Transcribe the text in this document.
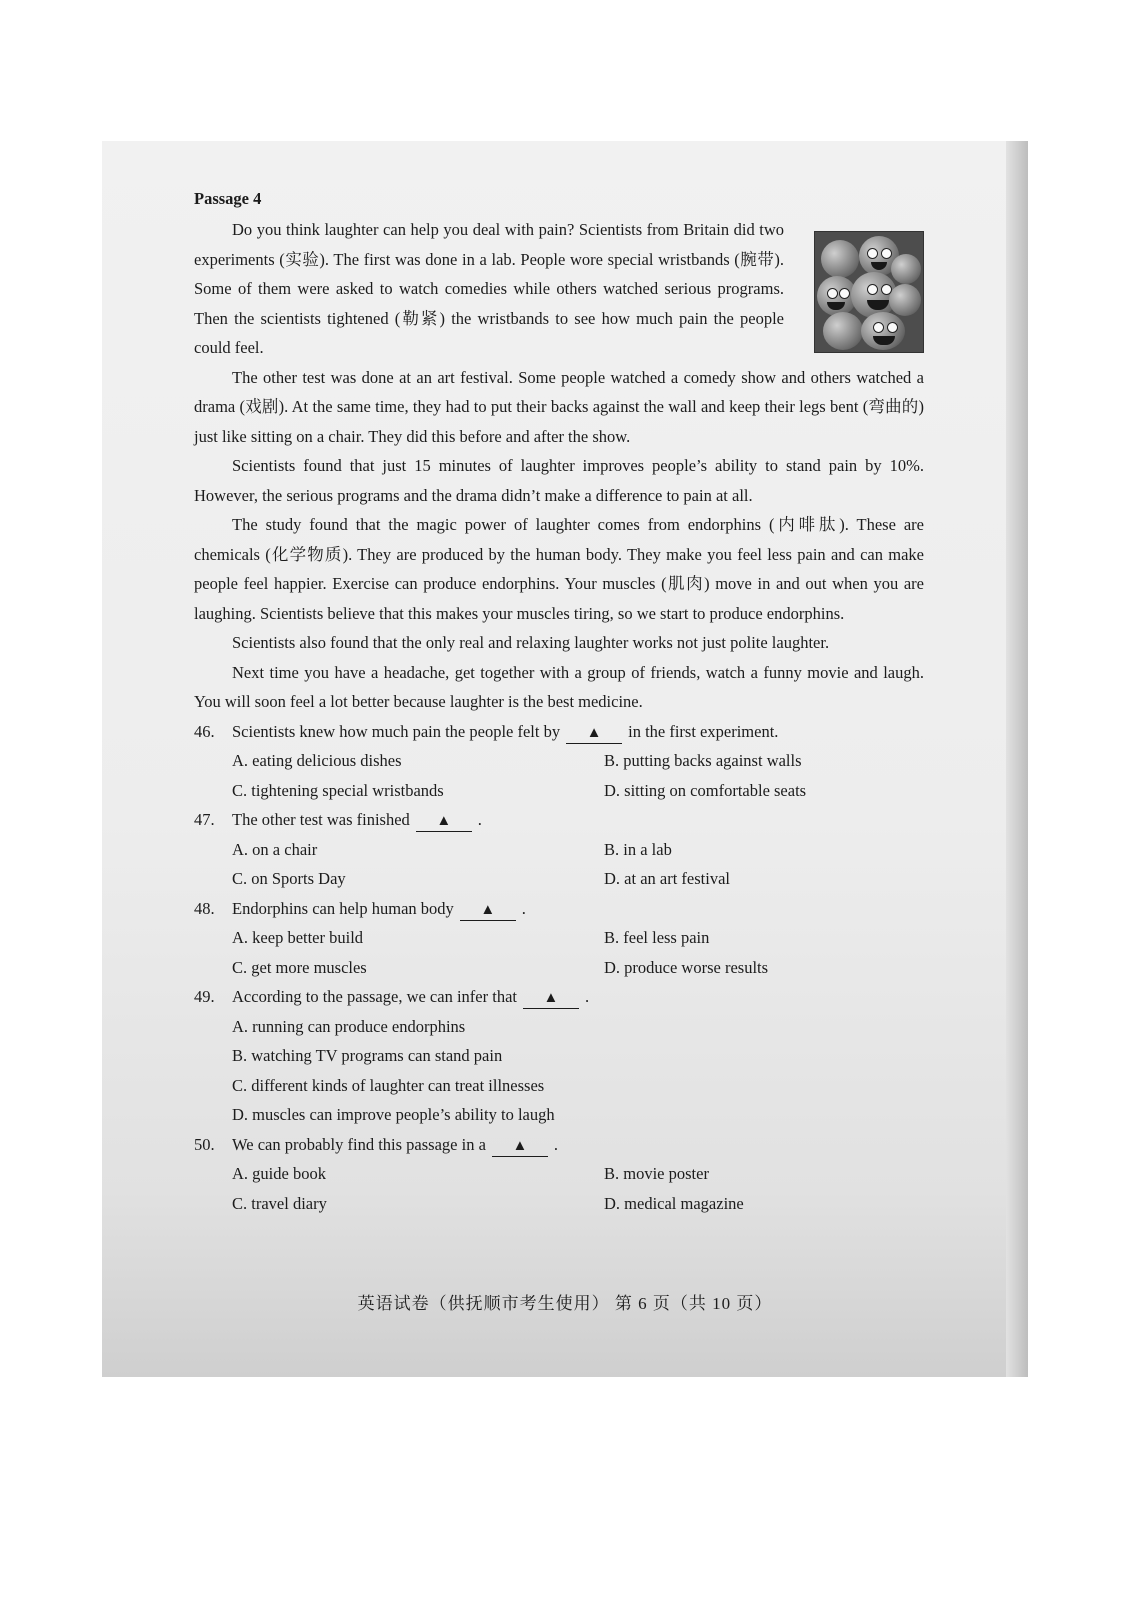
Passage 4

Do you think laughter can help you deal with pain? Scientists from Britain did two experiments (实验). The first was done in a lab. People wore special wristbands (腕带). Some of them were asked to watch comedies while others watched serious programs. Then the scientists tightened (勒紧) the wristbands to see how much pain the people could feel.

The other test was done at an art festival. Some people watched a comedy show and others watched a drama (戏剧). At the same time, they had to put their backs against the wall and keep their legs bent (弯曲的) just like sitting on a chair. They did this before and after the show.

Scientists found that just 15 minutes of laughter improves people’s ability to stand pain by 10%. However, the serious programs and the drama didn’t make a difference to pain at all.

The study found that the magic power of laughter comes from endorphins (内啡肽). These are chemicals (化学物质). They are produced by the human body. They make you feel less pain and can make people feel happier. Exercise can produce endorphins. Your muscles (肌肉) move in and out when you are laughing. Scientists believe that this makes your muscles tiring, so we start to produce endorphins.

Scientists also found that the only real and relaxing laughter works not just polite laughter.

Next time you have a headache, get together with a group of friends, watch a funny movie and laugh. You will soon feel a lot better because laughter is the best medicine.

46. Scientists knew how much pain the people felt by ▲ in the first experiment.

A. eating delicious dishes	B. putting backs against walls
C. tightening special wristbands	D. sitting on comfortable seats

47. The other test was finished ▲ .

A. on a chair	B. in a lab
C. on Sports Day	D. at an art festival

48. Endorphins can help human body ▲ .

A. keep better build	B. feel less pain
C. get more muscles	D. produce worse results

49. According to the passage, we can infer that ▲ .

A. running can produce endorphins

B. watching TV programs can stand pain

C. different kinds of laughter can treat illnesses

D. muscles can improve people’s ability to laugh

50. We can probably find this passage in a ▲ .

A. guide book	B. movie poster
C. travel diary	D. medical magazine
英语试卷（供抚顺市考生使用） 第 6 页（共 10 页）
